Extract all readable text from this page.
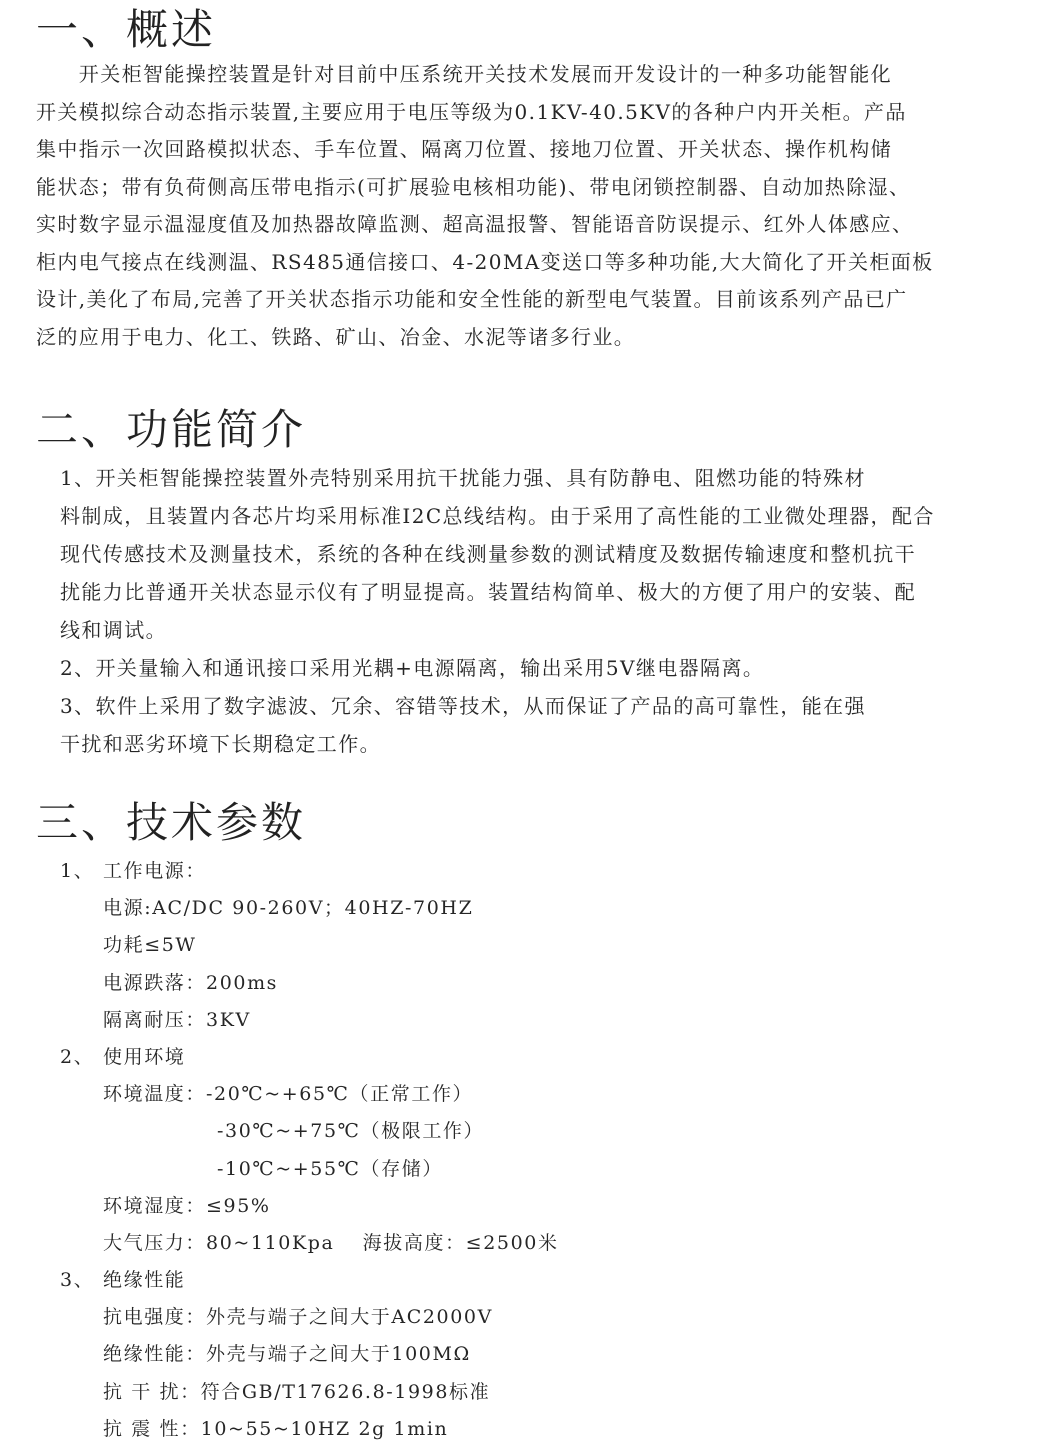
一、概述

　　开关柜智能操控装置是针对目前中压系统开关技术发展而开发设计的一种多功能智能化
开关模拟综合动态指示装置,主要应用于电压等级为0.1KV-40.5KV的各种户内开关柜。产品
集中指示一次回路模拟状态、手车位置、隔离刀位置、接地刀位置、开关状态、操作机构储
能状态；带有负荷侧高压带电指示(可扩展验电核相功能)、带电闭锁控制器、自动加热除湿、
实时数字显示温湿度值及加热器故障监测、超高温报警、智能语音防误提示、红外人体感应、
柜内电气接点在线测温、RS485通信接口、4-20MA变送口等多种功能,大大简化了开关柜面板
设计,美化了布局,完善了开关状态指示功能和安全性能的新型电气装置。目前该系列产品已广
泛的应用于电力、化工、铁路、矿山、冶金、水泥等诸多行业。

二、功能简介

1、开关柜智能操控装置外壳特别采用抗干扰能力强、具有防静电、阻燃功能的特殊材
料制成，且装置内各芯片均采用标准I2C总线结构。由于采用了高性能的工业微处理器，配合
现代传感技术及测量技术，系统的各种在线测量参数的测试精度及数据传输速度和整机抗干
扰能力比普通开关状态显示仪有了明显提高。装置结构简单、极大的方便了用户的安装、配
线和调试。
2、开关量输入和通讯接口采用光耦+电源隔离，输出采用5V继电器隔离。
3、软件上采用了数字滤波、冗余、容错等技术，从而保证了产品的高可靠性，能在强
干扰和恶劣环境下长期稳定工作。

三、技术参数
1、 工作电源：
电源:AC/DC 90-260V；40HZ-70HZ
功耗≤5W
电源跌落：200ms
隔离耐压：3KV
2、 使用环境
环境温度：-20℃~+65℃（正常工作）
-30℃~+75℃（极限工作）
-10℃~+55℃（存储）
环境湿度：≤95%
大气压力：80~110Kpa　 海拔高度：≤2500米
3、 绝缘性能
抗电强度：外壳与端子之间大于AC2000V
绝缘性能：外壳与端子之间大于100MΩ
抗 干 扰：符合GB/T17626.8-1998标准
抗 震 性：10~55~10HZ 2g 1min
